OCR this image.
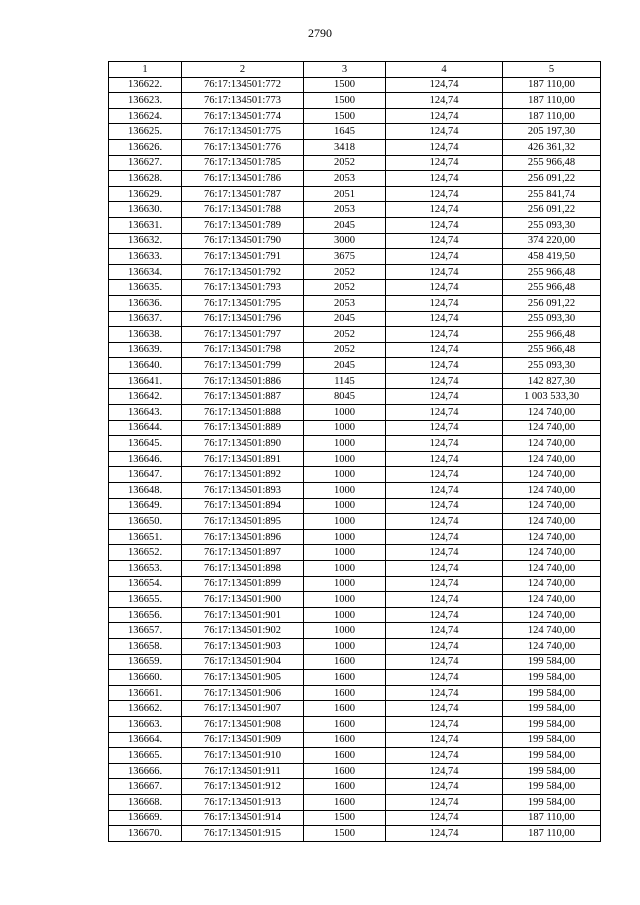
2790
1	2	3	4	5
136622.	76:17:134501:772	1500	124,74	187 110,00
136623.	76:17:134501:773	1500	124,74	187 110,00
136624.	76:17:134501:774	1500	124,74	187 110,00
136625.	76:17:134501:775	1645	124,74	205 197,30
136626.	76:17:134501:776	3418	124,74	426 361,32
136627.	76:17:134501:785	2052	124,74	255 966,48
136628.	76:17:134501:786	2053	124,74	256 091,22
136629.	76:17:134501:787	2051	124,74	255 841,74
136630.	76:17:134501:788	2053	124,74	256 091,22
136631.	76:17:134501:789	2045	124,74	255 093,30
136632.	76:17:134501:790	3000	124,74	374 220,00
136633.	76:17:134501:791	3675	124,74	458 419,50
136634.	76:17:134501:792	2052	124,74	255 966,48
136635.	76:17:134501:793	2052	124,74	255 966,48
136636.	76:17:134501:795	2053	124,74	256 091,22
136637.	76:17:134501:796	2045	124,74	255 093,30
136638.	76:17:134501:797	2052	124,74	255 966,48
136639.	76:17:134501:798	2052	124,74	255 966,48
136640.	76:17:134501:799	2045	124,74	255 093,30
136641.	76:17:134501:886	1145	124,74	142 827,30
136642.	76:17:134501:887	8045	124,74	1 003 533,30
136643.	76:17:134501:888	1000	124,74	124 740,00
136644.	76:17:134501:889	1000	124,74	124 740,00
136645.	76:17:134501:890	1000	124,74	124 740,00
136646.	76:17:134501:891	1000	124,74	124 740,00
136647.	76:17:134501:892	1000	124,74	124 740,00
136648.	76:17:134501:893	1000	124,74	124 740,00
136649.	76:17:134501:894	1000	124,74	124 740,00
136650.	76:17:134501:895	1000	124,74	124 740,00
136651.	76:17:134501:896	1000	124,74	124 740,00
136652.	76:17:134501:897	1000	124,74	124 740,00
136653.	76:17:134501:898	1000	124,74	124 740,00
136654.	76:17:134501:899	1000	124,74	124 740,00
136655.	76:17:134501:900	1000	124,74	124 740,00
136656.	76:17:134501:901	1000	124,74	124 740,00
136657.	76:17:134501:902	1000	124,74	124 740,00
136658.	76:17:134501:903	1000	124,74	124 740,00
136659.	76:17:134501:904	1600	124,74	199 584,00
136660.	76:17:134501:905	1600	124,74	199 584,00
136661.	76:17:134501:906	1600	124,74	199 584,00
136662.	76:17:134501:907	1600	124,74	199 584,00
136663.	76:17:134501:908	1600	124,74	199 584,00
136664.	76:17:134501:909	1600	124,74	199 584,00
136665.	76:17:134501:910	1600	124,74	199 584,00
136666.	76:17:134501:911	1600	124,74	199 584,00
136667.	76:17:134501:912	1600	124,74	199 584,00
136668.	76:17:134501:913	1600	124,74	199 584,00
136669.	76:17:134501:914	1500	124,74	187 110,00
136670.	76:17:134501:915	1500	124,74	187 110,00
